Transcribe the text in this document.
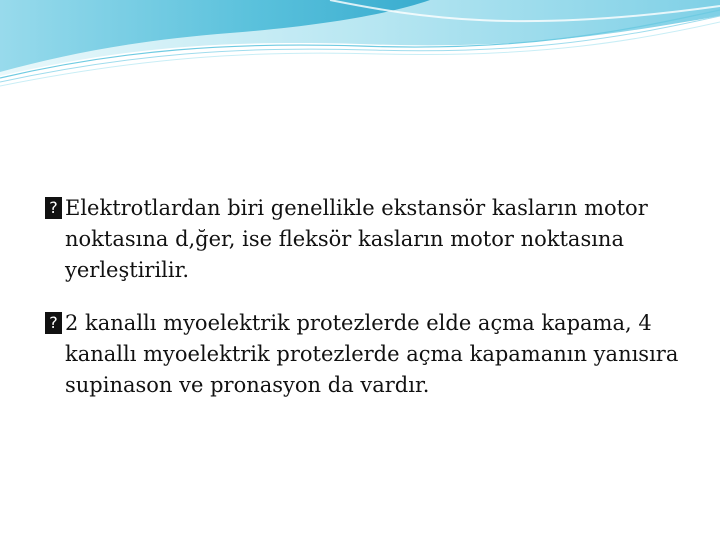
? Elektrotlardan biri genellikle ekstansör kasların motor noktasına d,ğer, ise fleksör kasların motor noktasına yerleştirilir.
? 2 kanallı myoelektrik protezlerde elde açma kapama, 4 kanallı myoelektrik protezlerde açma kapamanın yanısıra supinason ve pronasyon da vardır.
